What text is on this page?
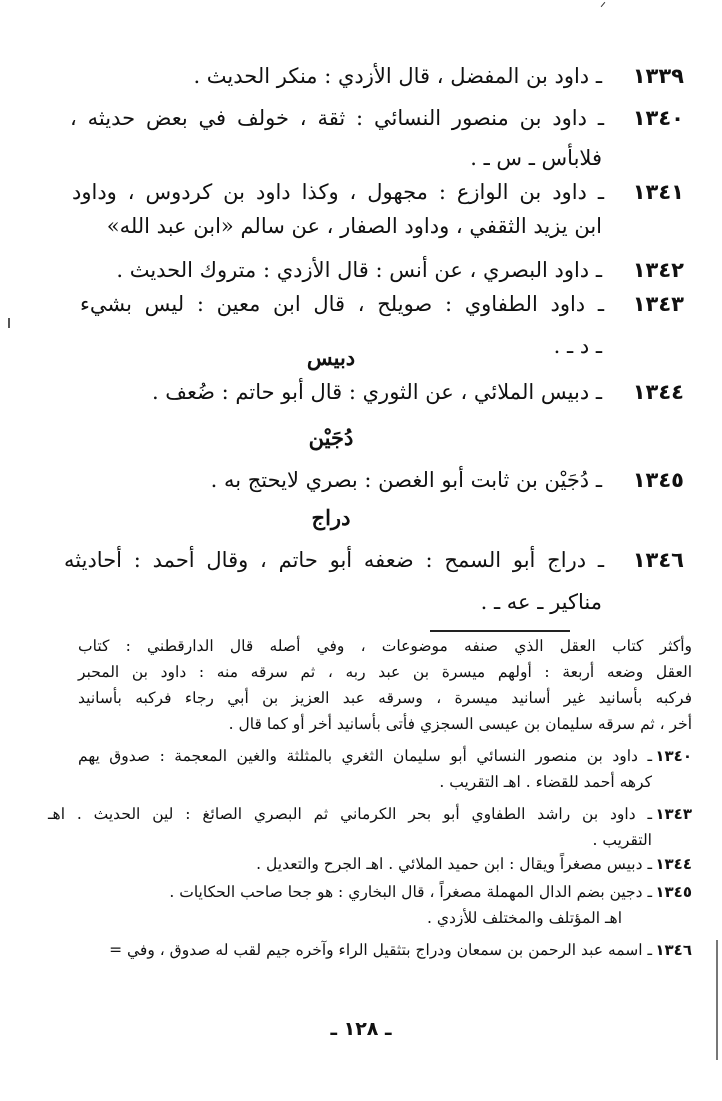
١٣٣٩
ـ داود بن المفضل ، قال الأزدي : منكر الحديث .
١٣٤٠
ـ داود بن منصور النسائي : ثقة ، خولف في بعض حديثه ،
فلابأس ـ س ـ .
١٣٤١
ـ داود بن الوازع : مجهول ، وكذا داود بن كردوس ، وداود
ابن يزيد الثقفي ، وداود الصفار ، عن سالم «ابن عبد الله»
١٣٤٢
ـ داود البصري ، عن أنس : قال الأزدي : متروك الحديث .
١٣٤٣
ـ داود الطفاوي : صويلح ، قال ابن معين : ليس بشيء
ـ د ـ .
دبيس
١٣٤٤
ـ دبيس الملائي ، عن الثوري : قال أبو حاتم : ضُعف .
دُجَيْن
١٣٤٥
ـ دُجَيْن بن ثابت أبو الغصن : بصري لايحتج به .
دراج
١٣٤٦
ـ دراج أبو السمح : ضعفه أبو حاتم ، وقال أحمد : أحاديثه
مناكير ـ عه ـ .
وأكثر كتاب العقل الذي صنفه موضوعات ، وفي أصله قال الدارقطني : كتاب
العقل وضعه أربعة : أولهم ميسرة بن عبد ربه ، ثم سرقه منه : داود بن المحبر
فركبه بأسانيد غير أسانيد ميسرة ، وسرقه عبد العزيز بن أبي رجاء فركبه بأسانيد
أخر ، ثم سرقه سليمان بن عيسى السجزي فأتى بأسانيد أخر أو كما قال .
١٣٤٠
ـ داود بن منصور النسائي أبو سليمان الثغري بالمثلثة والغين المعجمة : صدوق يهم
كرهه أحمد للقضاء . اهـ التقريب .
١٣٤٣
ـ داود بن راشد الطفاوي أبو بحر الكرماني ثم البصري الصائغ : لين الحديث . اهـ
التقريب .
١٣٤٤
ـ دبيس مصغراً ويقال : ابن حميد الملائي . اهـ الجرح والتعديل .
١٣٤٥
ـ دجين بضم الدال المهملة مصغراً ، قال البخاري : هو جحا صاحب الحكايات .
اهـ المؤتلف والمختلف للأزدي .
١٣٤٦
ـ اسمه عبد الرحمن بن سمعان ودراج بتثقيل الراء وآخره جيم لقب له صدوق ، وفي =
ـ ١٢٨ ـ
